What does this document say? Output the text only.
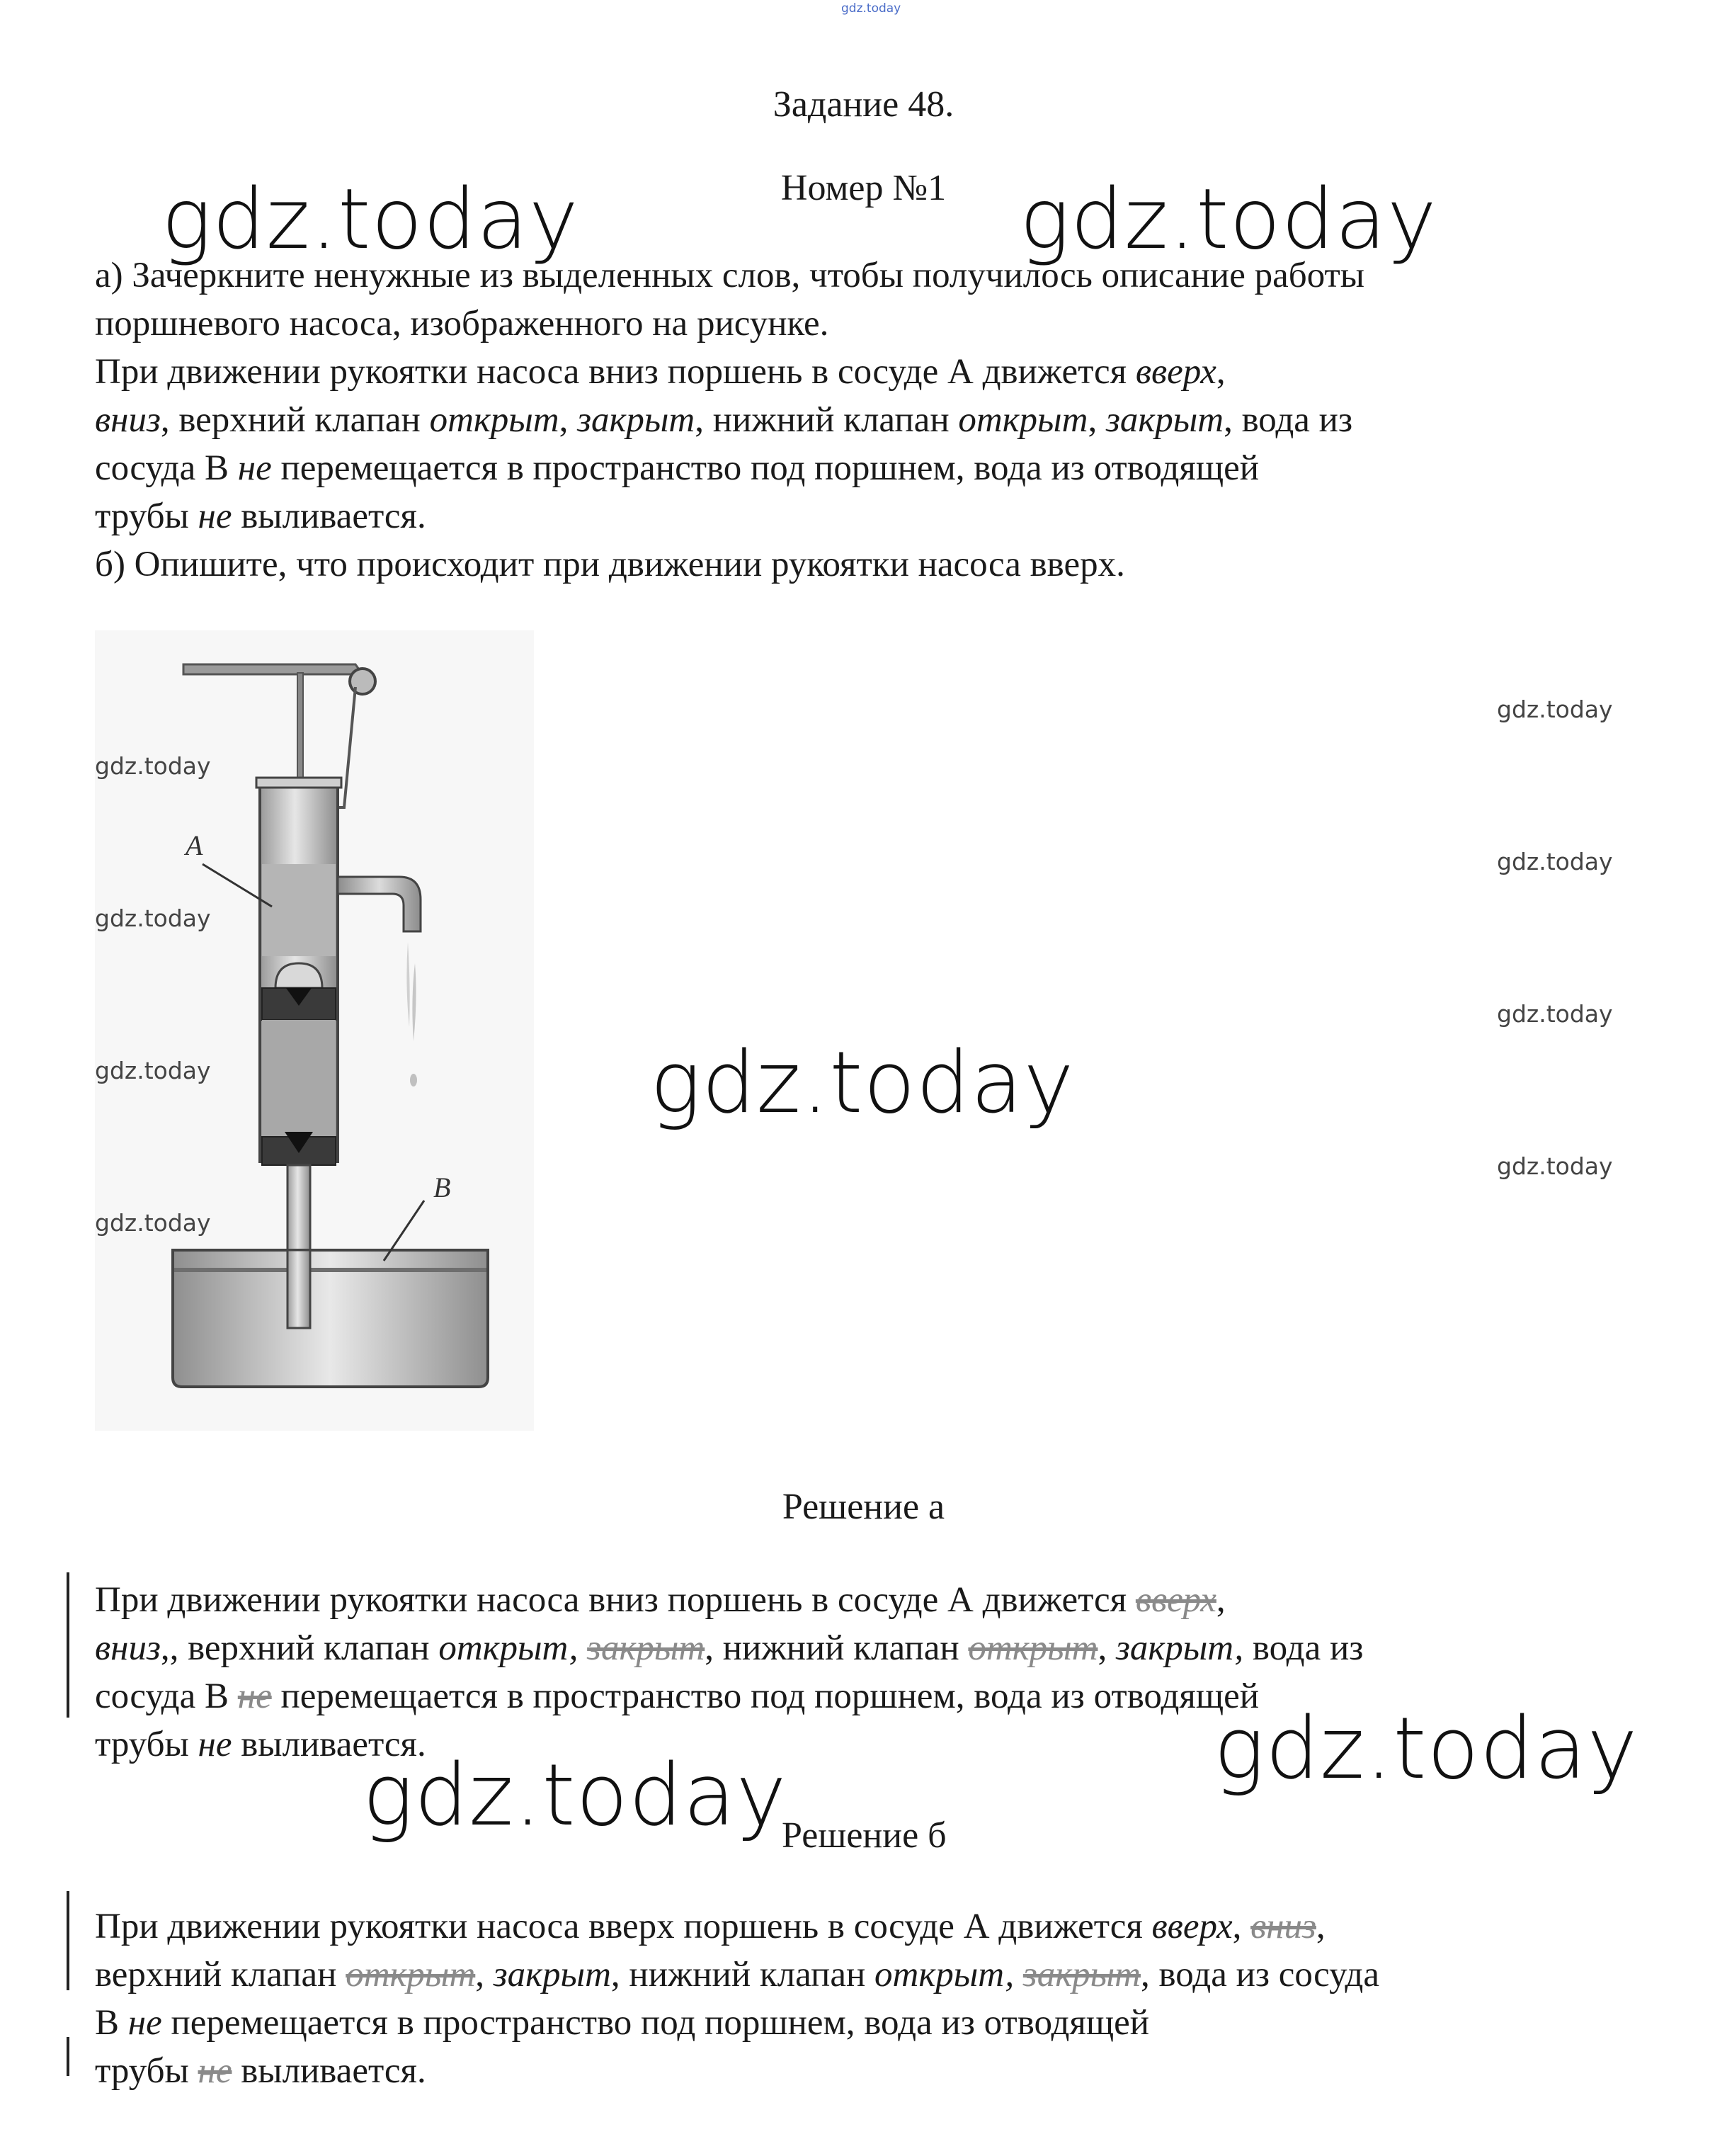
gdz.today
Задание 48.
Номер №1
gdz.today	gdz.today
а) Зачеркните ненужные из выделенных слов, чтобы получилось описание работы
поршневого насоса, изображенного на рисунке.
При движении рукоятки насоса вниз поршень в сосуде А движется вверх,
вниз, верхний клапан открыт, закрыт, нижний клапан открыт, закрыт, вода из
сосуда В не перемещается в пространство под поршнем, вода из отводящей
трубы не выливается.
б) Опишите, что происходит при движении рукоятки насоса вверх.
A
B
gdz.today
gdz.today
gdz.today
gdz.today
gdz.today
gdz.today
gdz.today
gdz.today
gdz.today
Решение а
При движении рукоятки насоса вниз поршень в сосуде А движется вверх,
вниз,, верхний клапан открыт, закрыт, нижний клапан открыт, закрыт, вода из
сосуда В не перемещается в пространство под поршнем, вода из отводящей
трубы не выливается.	gdz.today
gdz.today
Решение б
При движении рукоятки насоса вверх поршень в сосуде А движется вверх, вниз,
верхний клапан открыт, закрыт, нижний клапан открыт, закрыт, вода из сосуда
В не перемещается в пространство под поршнем, вода из отводящей
трубы не выливается.
